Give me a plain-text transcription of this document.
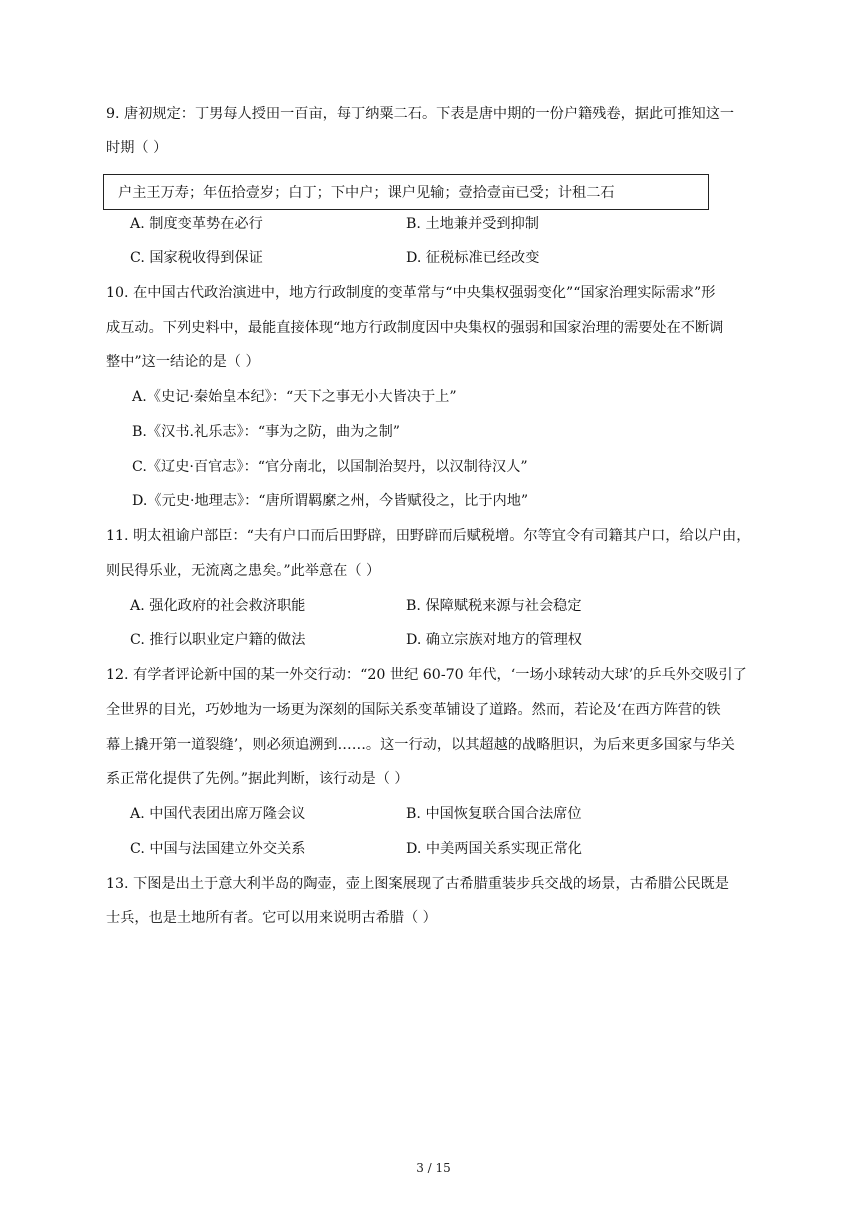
9. 唐初规定：丁男每人授田一百亩，每丁纳粟二石。下表是唐中期的一份户籍残卷，据此可推知这一
时期（ ）
户主王万寿；年伍拾壹岁；白丁；下中户；课户见输；壹拾壹亩已受；计租二石
A. 制度变革势在必行	B. 土地兼并受到抑制
C. 国家税收得到保证	D. 征税标准已经改变
10. 在中国古代政治演进中，地方行政制度的变革常与“中央集权强弱变化”“国家治理实际需求”形
成互动。下列史料中，最能直接体现“地方行政制度因中央集权的强弱和国家治理的需要处在不断调
整中”这一结论的是（ ）
A.《史记·秦始皇本纪》：“天下之事无小大皆决于上”
B.《汉书.礼乐志》：“事为之防，曲为之制”
C.《辽史·百官志》：“官分南北，以国制治契丹，以汉制待汉人”
D.《元史·地理志》：“唐所谓羁縻之州，今皆赋役之，比于内地”
11. 明太祖谕户部臣：“夫有户口而后田野辟，田野辟而后赋税增。尔等宜令有司籍其户口，给以户由，
则民得乐业，无流离之患矣。”此举意在（ ）
A. 强化政府的社会救济职能	B. 保障赋税来源与社会稳定
C. 推行以职业定户籍的做法	D. 确立宗族对地方的管理权
12. 有学者评论新中国的某一外交行动：“20 世纪 60-70 年代，‘一场小球转动大球’的乒乓外交吸引了
全世界的目光，巧妙地为一场更为深刻的国际关系变革铺设了道路。然而，若论及‘在西方阵营的铁
幕上撬开第一道裂缝’，则必须追溯到……。这一行动，以其超越的战略胆识，为后来更多国家与华关
系正常化提供了先例。”据此判断，该行动是（ ）
A. 中国代表团出席万隆会议	B. 中国恢复联合国合法席位
C. 中国与法国建立外交关系	D. 中美两国关系实现正常化
13. 下图是出土于意大利半岛的陶壶，壶上图案展现了古希腊重装步兵交战的场景，古希腊公民既是
士兵，也是土地所有者。它可以用来说明古希腊（ ）
3 / 15
